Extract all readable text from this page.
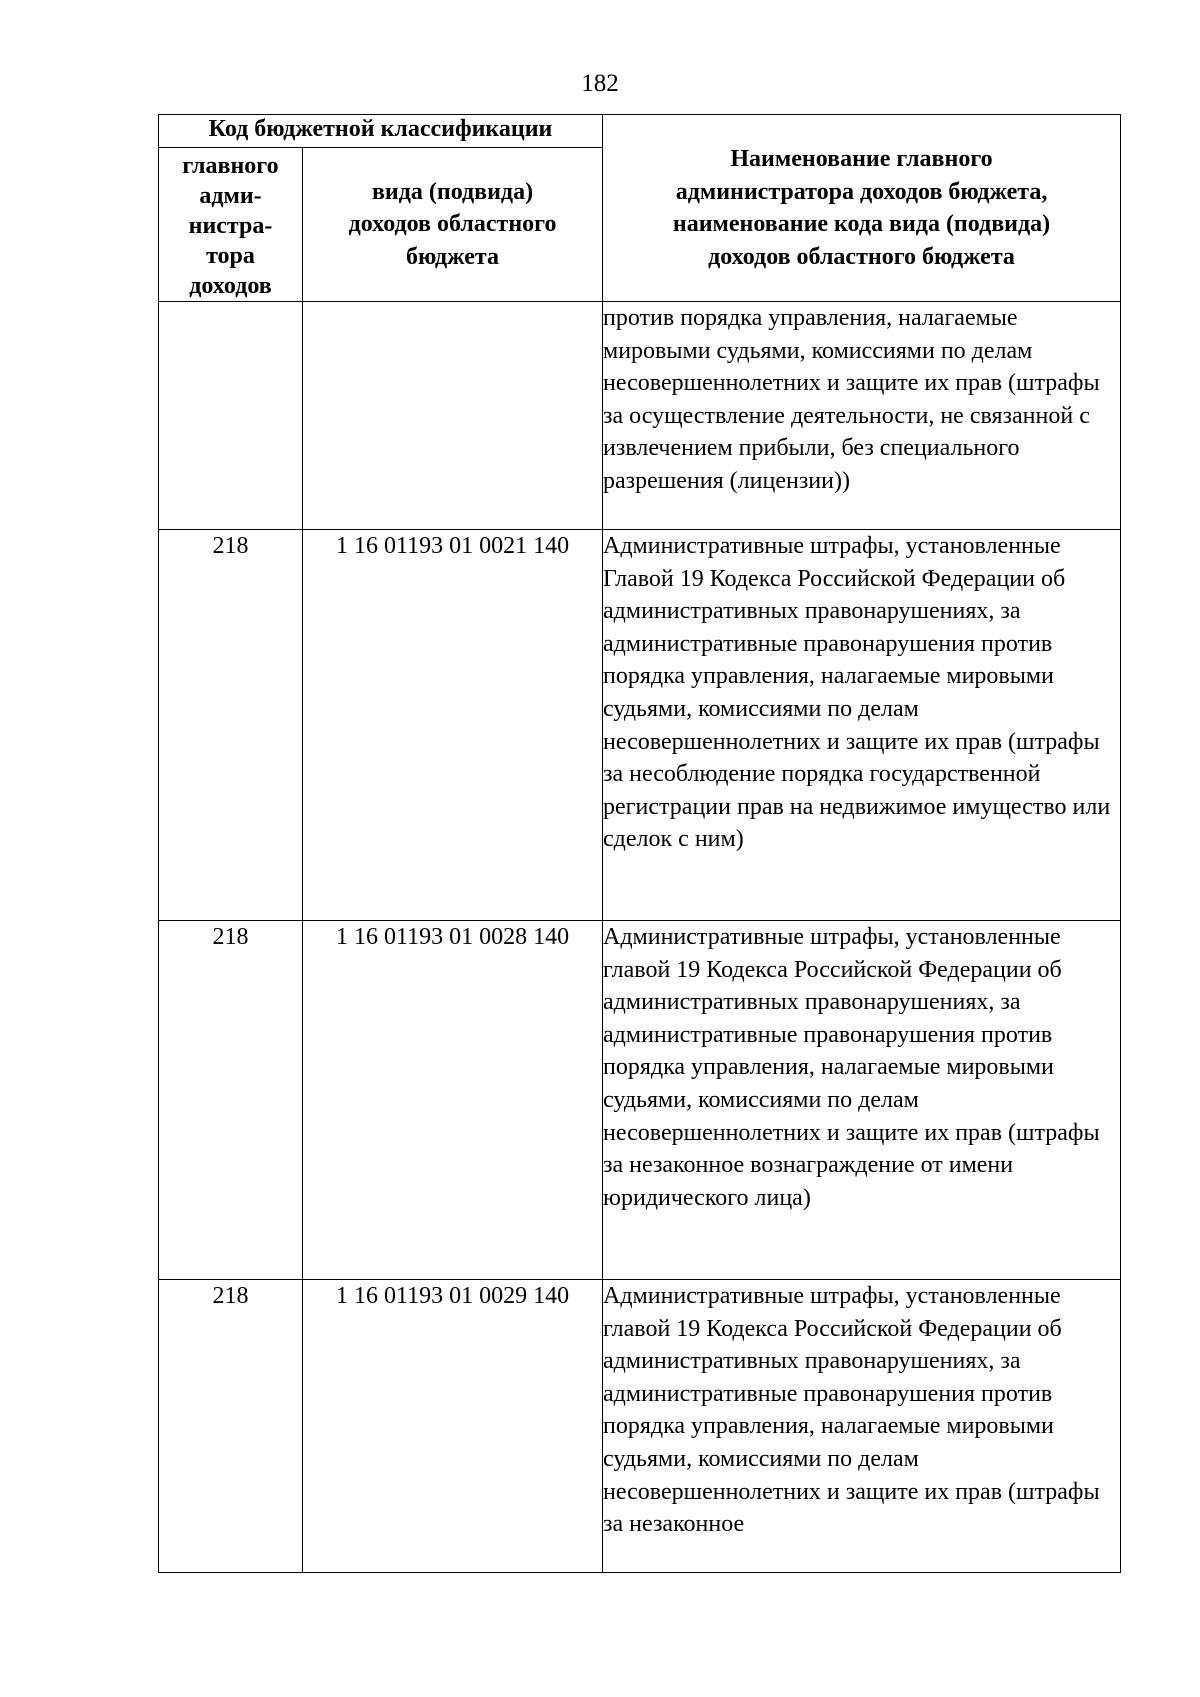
182
Код бюджетной классификации		Наименование главного
администратора доходов бюджета,
наименование кода вида (подвида)
доходов областного бюджета
главного
адми-
нистра-
тора
доходов	вида (подвида)
доходов областного
бюджета	
		против порядка управления, налагаемые мировыми судьями, комиссиями по делам несовершеннолетних и защите их прав (штрафы за осуществление деятельности, не связанной с извлечением прибыли, без специального разрешения (лицензии))
218	1 16 01193 01 0021 140	Административные штрафы, установленные Главой 19 Кодекса Российской Федерации об административных правонарушениях, за административные правонарушения против порядка управления, налагаемые мировыми судьями, комиссиями по делам несовершеннолетних и защите их прав (штрафы за несоблюдение порядка государственной регистрации прав на недвижимое имущество или сделок с ним)
218	1 16 01193 01 0028 140	Административные штрафы, установленные главой 19 Кодекса Российской Федерации об административных правонарушениях, за административные правонарушения против порядка управления, налагаемые мировыми судьями, комиссиями по делам несовершеннолетних и защите их прав (штрафы за незаконное вознаграждение от имени юридического лица)
218	1 16 01193 01 0029 140	Административные штрафы, установленные главой 19 Кодекса Российской Федерации об административных правонарушениях, за административные правонарушения против порядка управления, налагаемые мировыми судьями, комиссиями по делам несовершеннолетних и защите их прав (штрафы за незаконное
